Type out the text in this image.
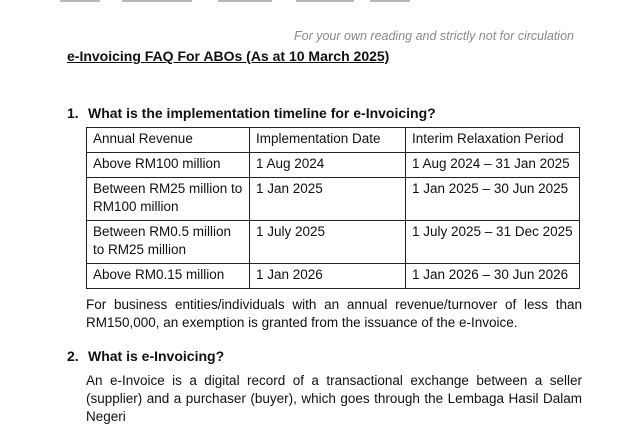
For your own reading and strictly not for circulation
e-Invoicing FAQ For ABOs (As at 10 March 2025)
1. What is the implementation timeline for e-Invoicing?
Annual Revenue	Implementation Date	Interim Relaxation Period
Above RM100 million	1 Aug 2024	1 Aug 2024 – 31 Jan 2025
Between RM25 million to RM100 million	1 Jan 2025	1 Jan 2025 – 30 Jun 2025
Between RM0.5 million to RM25 million	1 July 2025	1 July 2025 – 31 Dec 2025
Above RM0.15 million	1 Jan 2026	1 Jan 2026 – 30 Jun 2026
For business entities/individuals with an annual revenue/turnover of less than RM150,000, an exemption is granted from the issuance of the e-Invoice.
2. What is e-Invoicing?
An e-Invoice is a digital record of a transactional exchange between a seller (supplier) and a purchaser (buyer), which goes through the Lembaga Hasil Dalam Negeri
